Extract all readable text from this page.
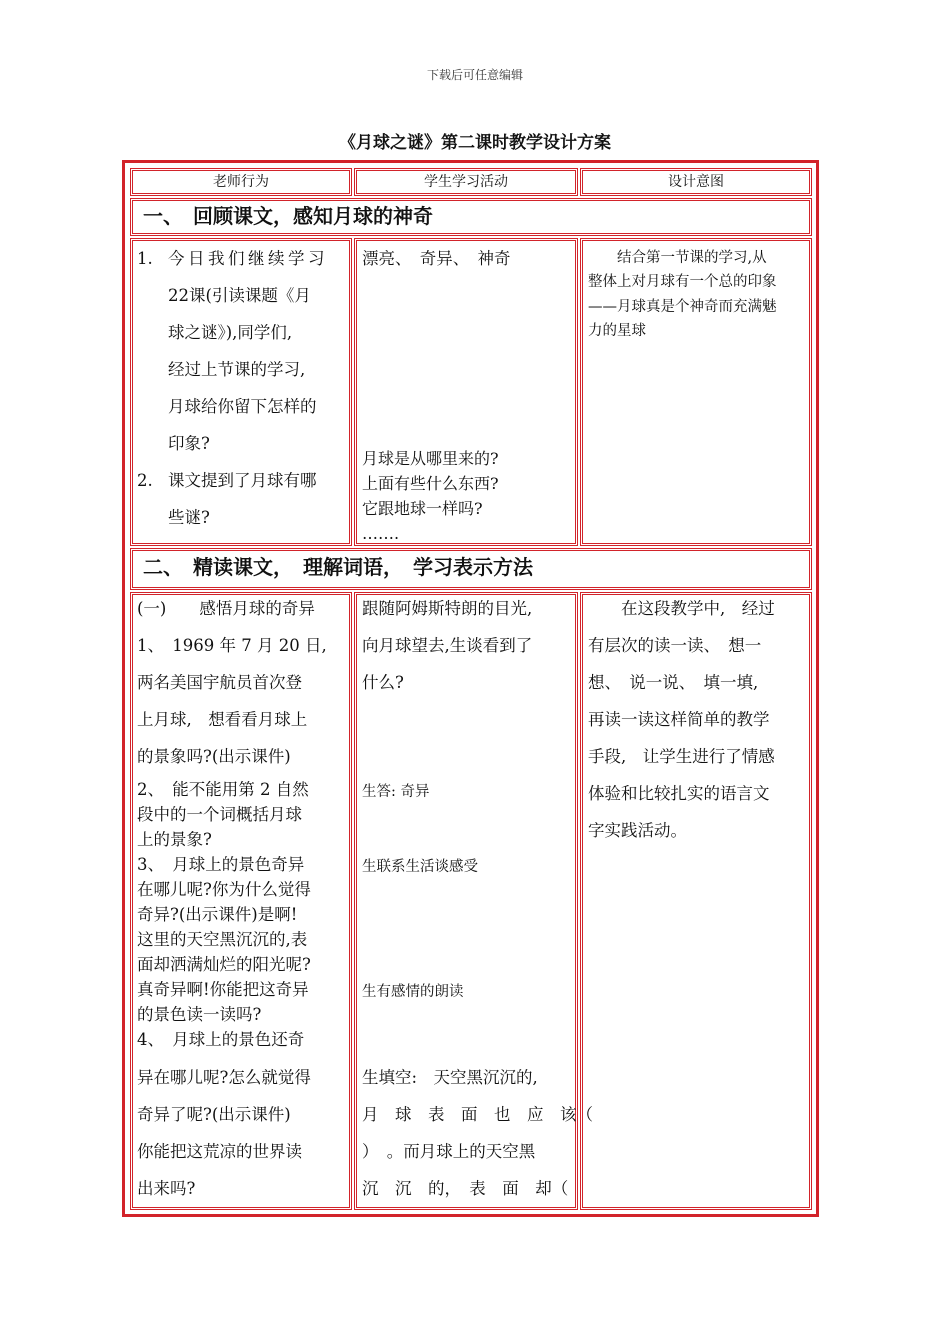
下载后可任意编辑
《月球之谜》第二课时教学设计方案
老师行为	学生学习活动	设计意图
一、　回顾课文，感知月球的神奇
1. 今日我们继续学习
22课(引读课题《月
球之谜》),同学们,
经过上节课的学习,
月球给你留下怎样的
印象?
2. 课文提到了月球有哪
些谜?
漂亮、　奇异、　神奇
月球是从哪里来的?
上面有些什么东西?
它跟地球一样吗?
…….
　　结合第一节课的学习,从
整体上对月球有一个总的印象
——月球真是个神奇而充满魅
力的星球
二、　精读课文，　理解词语，　学习表示方法
(一)　　感悟月球的奇异
1、　1969 年 7 月 20 日,
两名美国宇航员首次登
上月球,　想看看月球上
的景象吗?(出示课件)
2、　能不能用第 2 自然
段中的一个词概括月球
上的景象?
3、　月球上的景色奇异
在哪儿呢?你为什么觉得
奇异?(出示课件)是啊!
这里的天空黑沉沉的,表
面却洒满灿烂的阳光呢?
真奇异啊!你能把这奇异
的景色读一读吗?
4、　月球上的景色还奇
异在哪儿呢?怎么就觉得
奇异了呢?(出示课件)
你能把这荒凉的世界读
出来吗?
跟随阿姆斯特朗的目光,
向月球望去,生谈看到了
什么?
生答: 奇异
生联系生活谈感受
生有感情的朗读
生填空:　天空黑沉沉的,
月　球　表　面　也　应　该（
）　。而月球上的天空黑
沉　沉　的，　表　面　却（
　　在这段教学中,　经过
有层次的读一读、　想一
想、　说一说、　填一填,
再读一读这样简单的教学
手段,　让学生进行了情感
体验和比较扎实的语言文
字实践活动。
